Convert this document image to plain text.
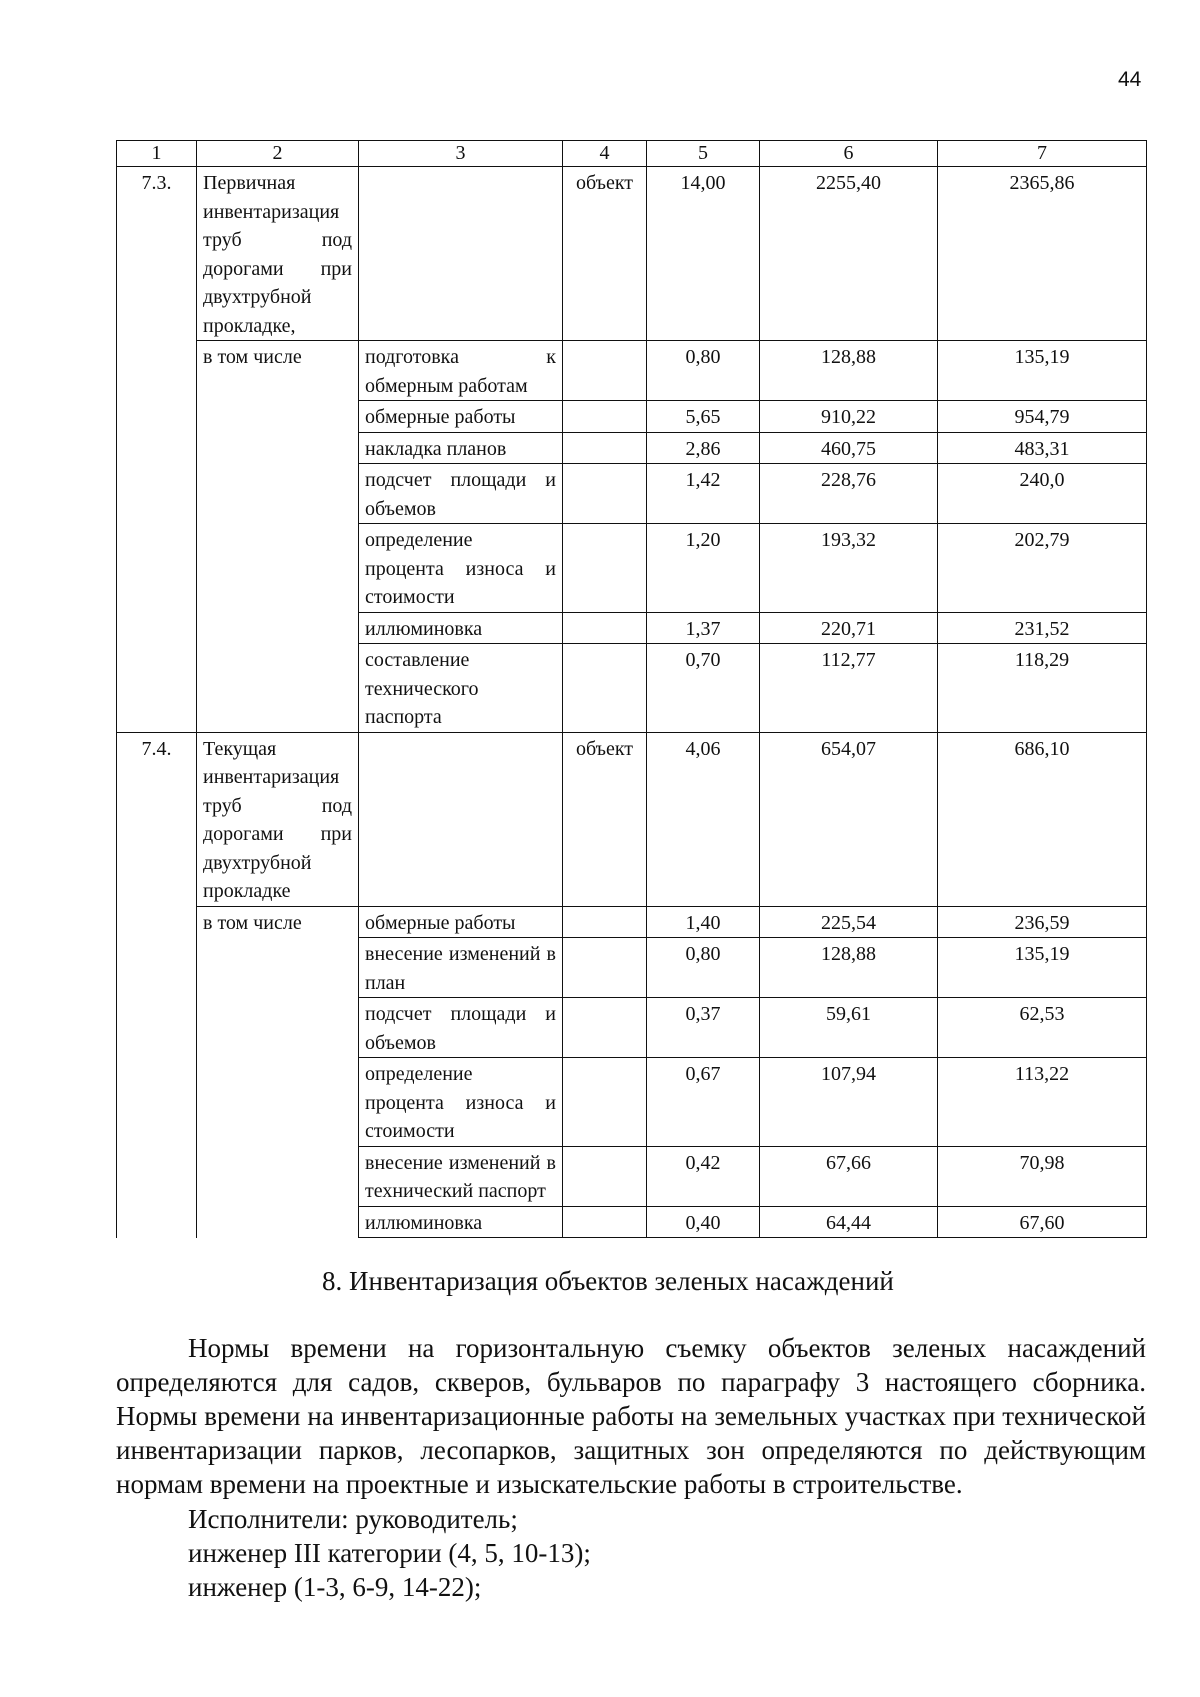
44
1	2	3	4	5	6	7
7.3.	Первичная инвентаризация труб под дорогами при двухтрубной прокладке,		объект	14,00	2255,40	2365,86
	в том числе	подготовка к обмерным работам		0,80	128,88	135,19
		обмерные работы		5,65	910,22	954,79
		накладка планов		2,86	460,75	483,31
		подсчет площади и объемов		1,42	228,76	240,0
		определение процента износа и стоимости		1,20	193,32	202,79
		иллюминовка		1,37	220,71	231,52
		составление технического паспорта		0,70	112,77	118,29
7.4.	Текущая инвентаризация труб под дорогами при двухтрубной прокладке		объект	4,06	654,07	686,10
	в том числе	обмерные работы		1,40	225,54	236,59
		внесение изменений в план		0,80	128,88	135,19
		подсчет площади и объемов		0,37	59,61	62,53
		определение процента износа и стоимости		0,67	107,94	113,22
		внесение изменений в технический паспорт		0,42	67,66	70,98
		иллюминовка		0,40	64,44	67,60
8. Инвентаризация объектов зеленых насаждений

Нормы времени на горизонтальную съемку объектов зеленых насаждений определяются для садов, скверов, бульваров по параграфу 3 настоящего сборника. Нормы времени на инвентаризационные работы на земельных участках при технической инвентаризации парков, лесопарков, защитных зон определяются по действующим нормам времени на проектные и изыскательские работы в строительстве.

Исполнители: руководитель;
инженер III категории (4, 5, 10-13);
инженер (1-3, 6-9, 14-22);
